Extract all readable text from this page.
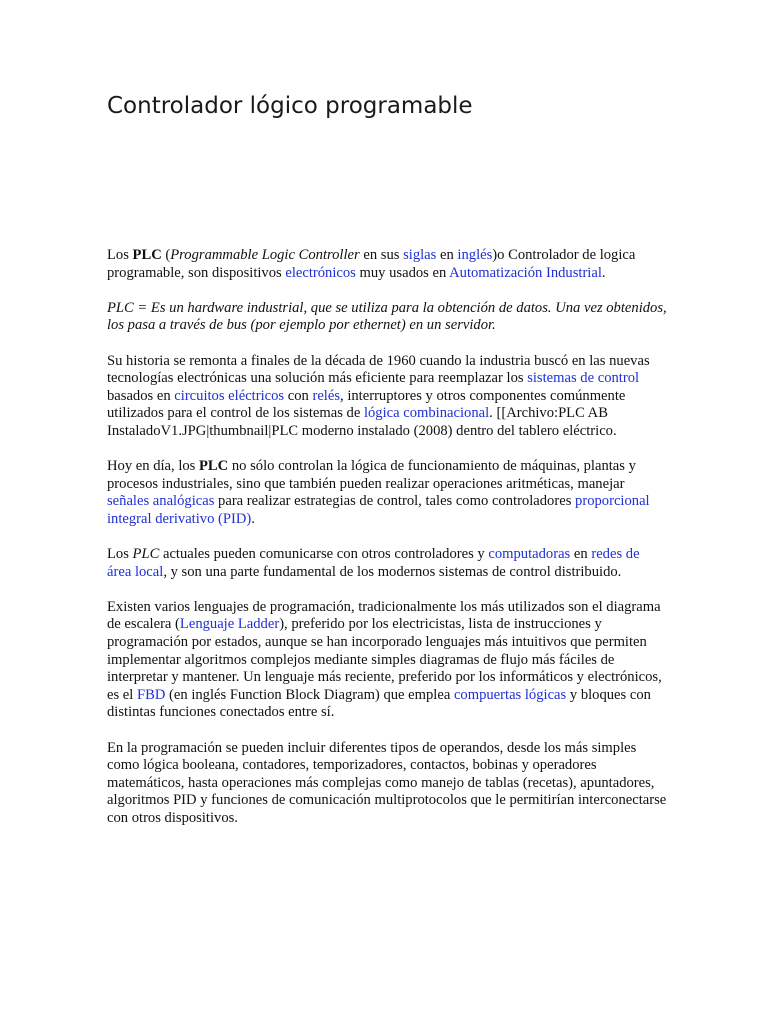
Controlador lógico programable

Los PLC (Programmable Logic Controller en sus siglas en inglés)o Controlador de logica programable, son dispositivos electrónicos muy usados en Automatización Industrial.

PLC = Es un hardware industrial, que se utiliza para la obtención de datos. Una vez obtenidos, los pasa a través de bus (por ejemplo por ethernet) en un servidor.

Su historia se remonta a finales de la década de 1960 cuando la industria buscó en las nuevas tecnologías electrónicas una solución más eficiente para reemplazar los sistemas de control basados en circuitos eléctricos con relés, interruptores y otros componentes comúnmente utilizados para el control de los sistemas de lógica combinacional. [[Archivo:PLC AB InstaladoV1.JPG|thumbnail|PLC moderno instalado (2008) dentro del tablero eléctrico.

Hoy en día, los PLC no sólo controlan la lógica de funcionamiento de máquinas, plantas y procesos industriales, sino que también pueden realizar operaciones aritméticas, manejar señales analógicas para realizar estrategias de control, tales como controladores proporcional integral derivativo (PID).

Los PLC actuales pueden comunicarse con otros controladores y computadoras en redes de área local, y son una parte fundamental de los modernos sistemas de control distribuido.

Existen varios lenguajes de programación, tradicionalmente los más utilizados son el diagrama de escalera (Lenguaje Ladder), preferido por los electricistas, lista de instrucciones y programación por estados, aunque se han incorporado lenguajes más intuitivos que permiten implementar algoritmos complejos mediante simples diagramas de flujo más fáciles de interpretar y mantener. Un lenguaje más reciente, preferido por los informáticos y electrónicos, es el FBD (en inglés Function Block Diagram) que emplea compuertas lógicas y bloques con distintas funciones conectados entre sí.

En la programación se pueden incluir diferentes tipos de operandos, desde los más simples como lógica booleana, contadores, temporizadores, contactos, bobinas y operadores matemáticos, hasta operaciones más complejas como manejo de tablas (recetas), apuntadores, algoritmos PID y funciones de comunicación multiprotocolos que le permitirían interconectarse con otros dispositivos.
